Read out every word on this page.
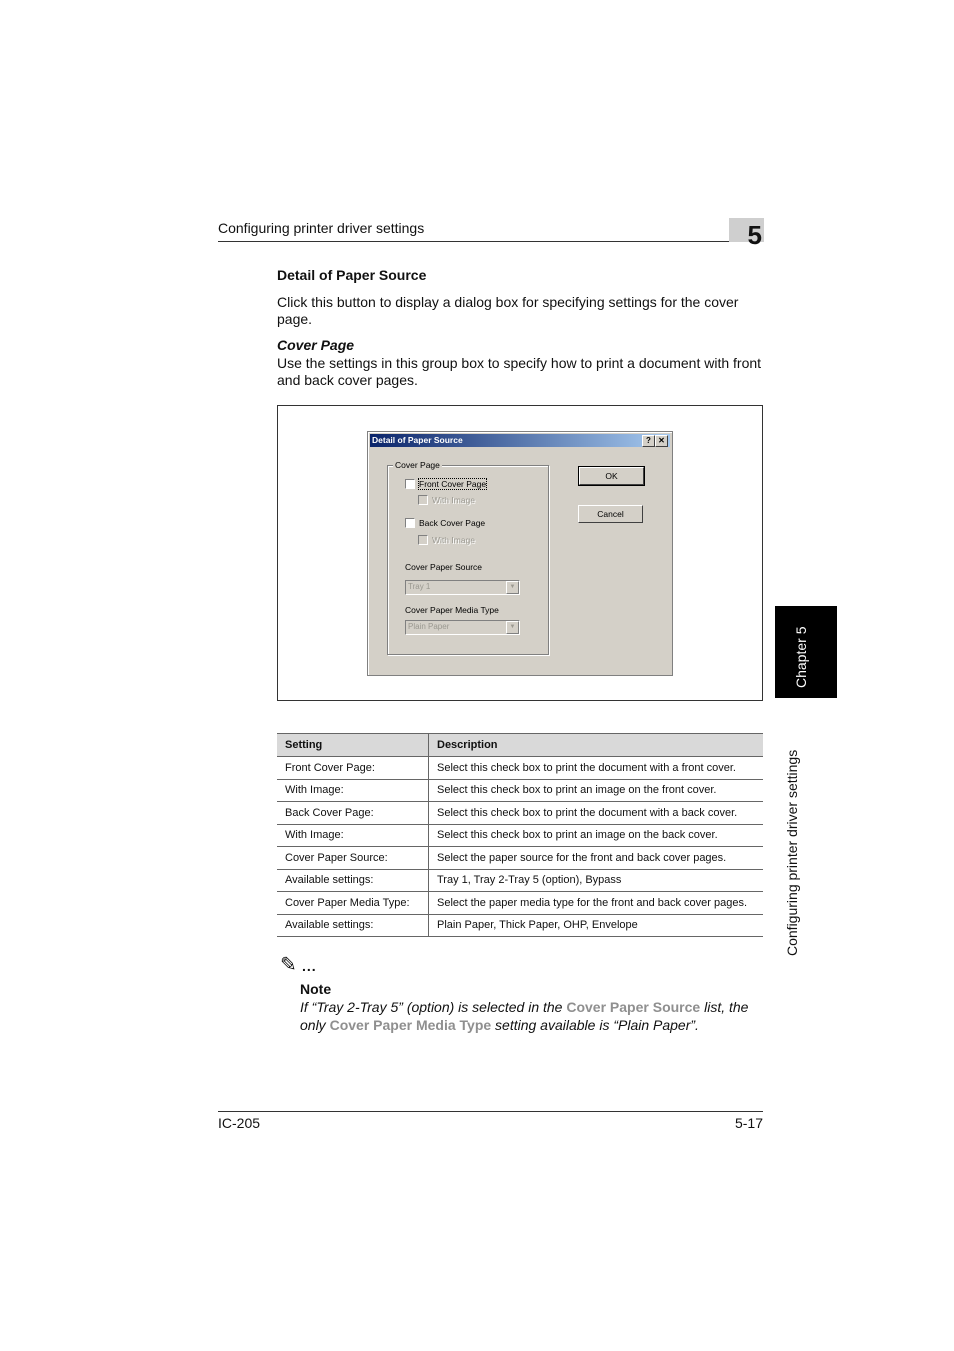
Configuring printer driver settings	5
Detail of Paper Source
Click this button to display a dialog box for specifying settings for the cover page.
Cover Page
Use the settings in this group box to specify how to print a document with front and back cover pages.
Detail of Paper Source	? ✕
Cover Page
Front Cover Page
With Image
Back Cover Page
With Image
Cover Paper Source
Tray 1	▼
Cover Paper Media Type
Plain Paper	▼
OK
Cancel
Setting	Description
Front Cover Page:	Select this check box to print the document with a front cover.
With Image:	Select this check box to print an image on the front cover.
Back Cover Page:	Select this check box to print the document with a back cover.
With Image:	Select this check box to print an image on the back cover.
Cover Paper Source:	Select the paper source for the front and back cover pages.
Available settings:	Tray 1, Tray 2-Tray 5 (option), Bypass
Cover Paper Media Type:	Select the paper media type for the front and back cover pages.
Available settings:	Plain Paper, Thick Paper, OHP, Envelope
✎ ...
Note
If “Tray 2-Tray 5” (option) is selected in the Cover Paper Source list, the only Cover Paper Media Type setting available is “Plain Paper”.
IC-205	5-17
Chapter 5
Configuring printer driver settings
